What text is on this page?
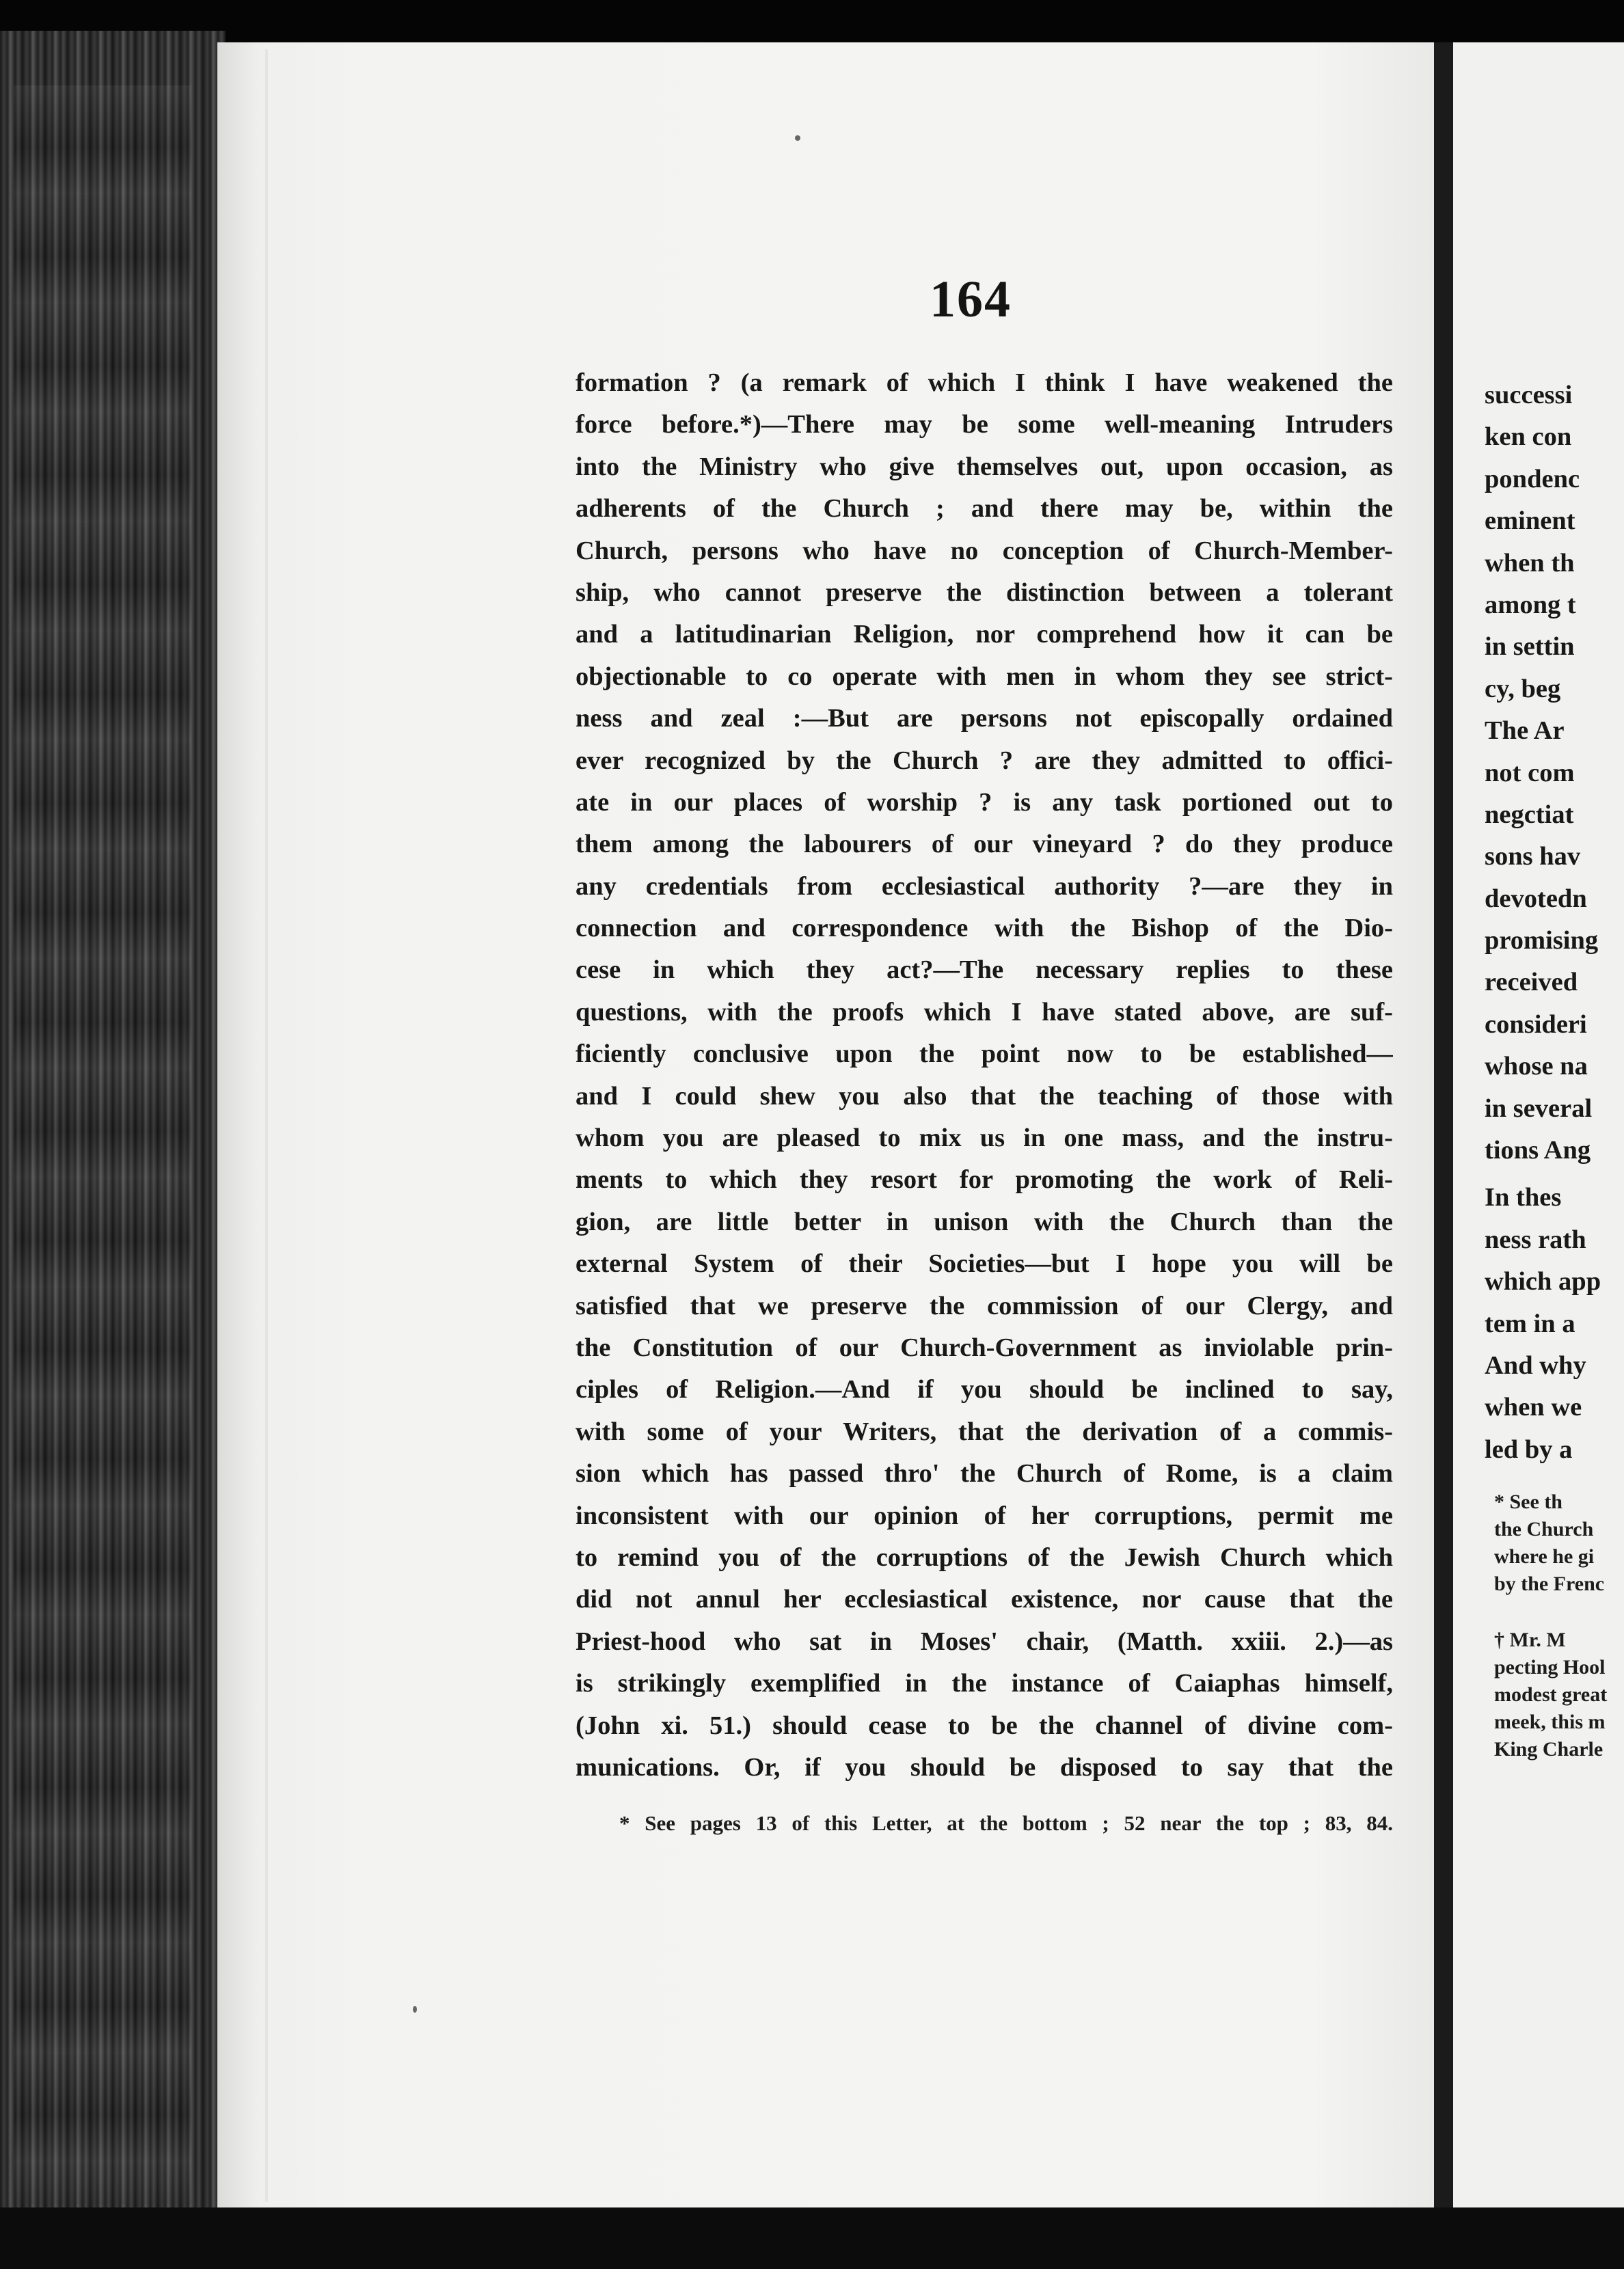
164
formation ? (a remark of which I think I have weakened the
force before.*)—There may be some well-meaning Intruders
into the Ministry who give themselves out, upon occasion, as
adherents of the Church ; and there may be, within the
Church, persons who have no conception of Church-Member-
ship, who cannot preserve the distinction between a tolerant
and a latitudinarian Religion, nor comprehend how it can be
objectionable to co operate with men in whom they see strict-
ness and zeal :—But are persons not episcopally ordained
ever recognized by the Church ? are they admitted to offici-
ate in our places of worship ? is any task portioned out to
them among the labourers of our vineyard ? do they produce
any credentials from ecclesiastical authority ?—are they in
connection and correspondence with the Bishop of the Dio-
cese in which they act?—The necessary replies to these
questions, with the proofs which I have stated above, are suf-
ficiently conclusive upon the point now to be established—
and I could shew you also that the teaching of those with
whom you are pleased to mix us in one mass, and the instru-
ments to which they resort for promoting the work of Reli-
gion, are little better in unison with the Church than the
external System of their Societies—but I hope you will be
satisfied that we preserve the commission of our Clergy, and
the Constitution of our Church-Government as inviolable prin-
ciples of Religion.—And if you should be inclined to say,
with some of your Writers, that the derivation of a commis-
sion which has passed thro' the Church of Rome, is a claim
inconsistent with our opinion of her corruptions, permit me
to remind you of the corruptions of the Jewish Church which
did not annul her ecclesiastical existence, nor cause that the
Priest-hood who sat in Moses' chair, (Matth. xxiii. 2.)—as
is strikingly exemplified in the instance of Caiaphas himself,
(John xi. 51.) should cease to be the channel of divine com-
munications. Or, if you should be disposed to say that the
* See pages 13 of this Letter, at the bottom ; 52 near the top ; 83, 84.
successi
ken con
pondenc
eminent
when th
among t
in settin
cy, beg
The Ar
not com
negctiat
sons hav
devotedn
promising
received
consideri
whose na
in several
tions Ang
In thes
ness rath
which app
tem in a
And why
when we
led by a
* See th
the Church
where he gi
by the Frenc
† Mr. M
pecting Hool
modest great
meek, this m
King Charle
